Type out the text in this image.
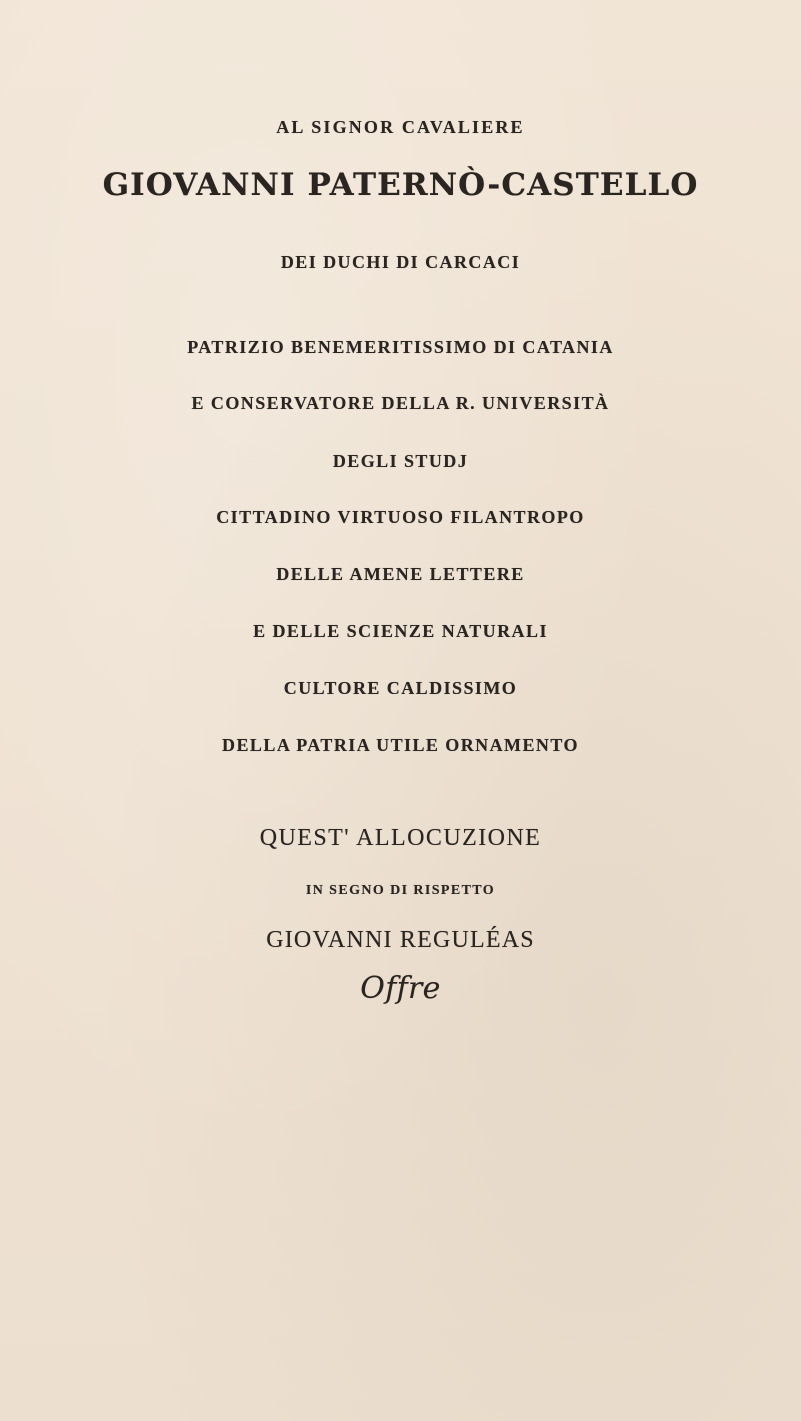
AL SIGNOR CAVALIERE
GIOVANNI PATERNÒ-CASTELLO
DEI DUCHI DI CARCACI
PATRIZIO BENEMERITISSIMO DI CATANIA
E CONSERVATORE DELLA R. UNIVERSITÀ
DEGLI STUDJ
CITTADINO VIRTUOSO FILANTROPO
DELLE AMENE LETTERE
E DELLE SCIENZE NATURALI
CULTORE CALDISSIMO
DELLA PATRIA UTILE ORNAMENTO
QUEST' ALLOCUZIONE
IN SEGNO DI RISPETTO
GIOVANNI REGULÉAS
Offre
